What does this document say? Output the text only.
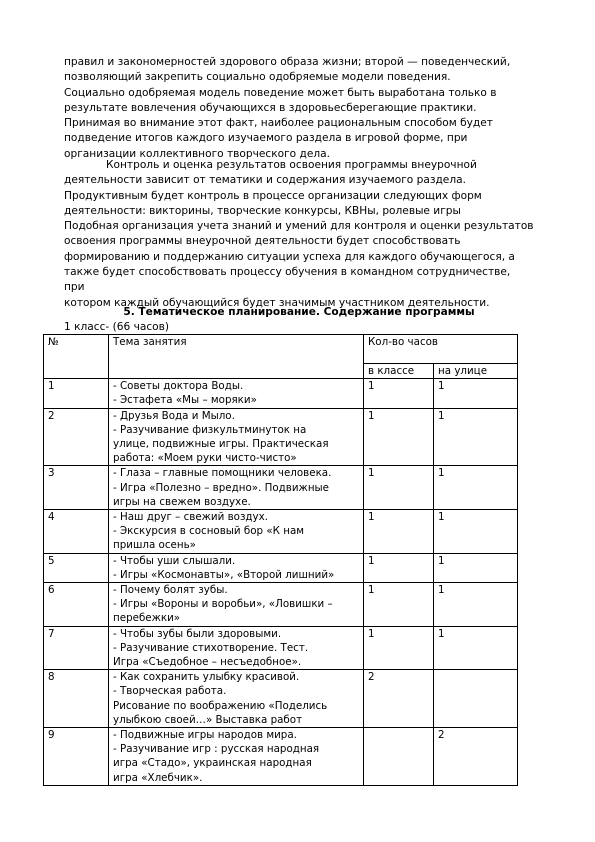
правил и закономерностей здорового образа жизни; второй — поведенческий,
позволяющий закрепить социально одобряемые модели поведения.
Социально одобряемая модель поведение может быть выработана только в
результате вовлечения обучающихся в здоровьесберегающие практики.
Принимая во внимание этот факт, наиболее рациональным способом будет
подведение итогов каждого изучаемого раздела в игровой форме, при
организации коллективного творческого дела.

Контроль и оценка результатов освоения программы внеурочной
деятельности зависит от тематики и содержания изучаемого раздела.
Продуктивным будет контроль в процессе организации следующих форм
деятельности: викторины, творческие конкурсы, КВНы, ролевые игры
Подобная организация учета знаний и умений для контроля и оценки результатов
освоения программы внеурочной деятельности будет способствовать
формированию и поддержанию ситуации успеха для каждого обучающегося, а
также будет способствовать процессу обучения в командном сотрудничестве, при
котором каждый обучающийся будет значимым участником деятельности.

5. Тематическое планирование. Содержание программы
1 класс- (66 часов)
№	Тема занятия	Кол-во часов	
		в классе	на улице
1	- Советы доктора Воды.
- Эстафета «Мы – моряки»	1	1
2	- Друзья Вода и Мыло.
- Разучивание физкультминуток на
улице, подвижные игры. Практическая
работа: «Моем руки чисто-чисто»	1	1
3	- Глаза – главные помощники человека.
- Игра «Полезно – вредно». Подвижные
игры на свежем воздухе.	1	1
4	- Наш друг – свежий воздух.
- Экскурсия в сосновый бор «К нам
пришла осень»	1	1
5	- Чтобы уши слышали.
- Игры «Космонавты», «Второй лишний»	1	1
6	- Почему болят зубы.
- Игры «Вороны и воробьи», «Ловишки –
перебежки»	1	1
7	- Чтобы зубы были здоровыми.
- Разучивание стихотворение. Тест.
Игра «Съедобное – несъедобное».	1	1
8	- Как сохранить улыбку красивой.
- Творческая работа.
Рисование по воображению «Поделись
улыбкою своей…» Выставка работ	2	
9	- Подвижные игры народов мира.
- Разучивание игр : русская народная
игра «Стадо», украинская народная
игра «Хлебчик».		2
